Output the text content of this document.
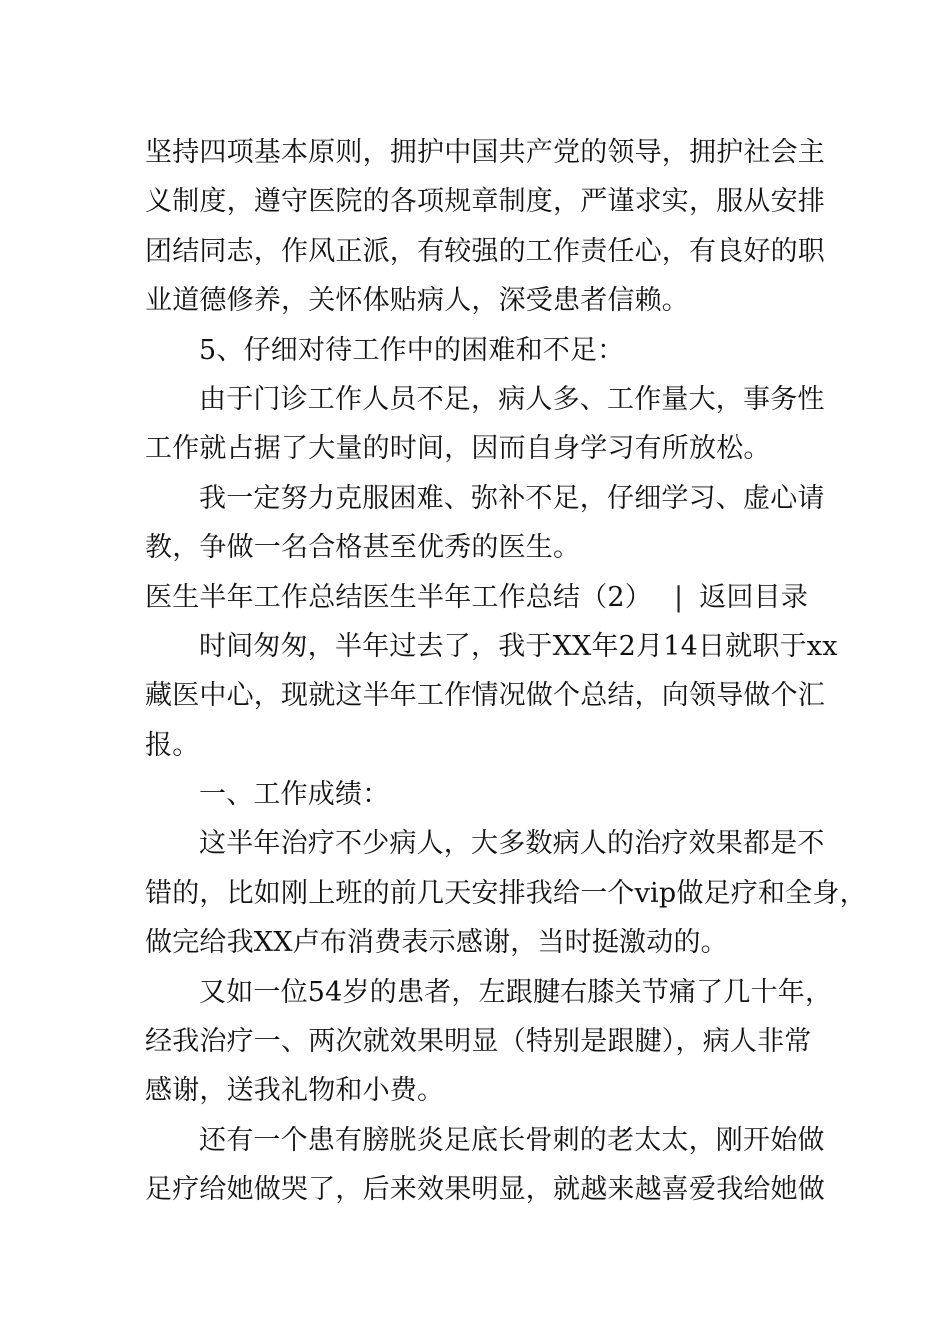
坚持四项基本原则，拥护中国共产党的领导，拥护社会主
义制度，遵守医院的各项规章制度，严谨求实，服从安排
团结同志，作风正派，有较强的工作责任心，有良好的职
业道德修养，关怀体贴病人，深受患者信赖。
5、仔细对待工作中的困难和不足：
由于门诊工作人员不足，病人多、工作量大，事务性
工作就占据了大量的时间，因而自身学习有所放松。
我一定努力克服困难、弥补不足，仔细学习、虚心请
教，争做一名合格甚至优秀的医生。
医生半年工作总结医生半年工作总结（2） | 返回目录
时间匆匆，半年过去了，我于XX年2月14日就职于xx
藏医中心，现就这半年工作情况做个总结，向领导做个汇
报。
一、工作成绩：
这半年治疗不少病人，大多数病人的治疗效果都是不
错的，比如刚上班的前几天安排我给一个vip做足疗和全身，
做完给我XX卢布消费表示感谢，当时挺激动的。
又如一位54岁的患者，左跟腱右膝关节痛了几十年，
经我治疗一、两次就效果明显（特别是跟腱），病人非常
感谢，送我礼物和小费。
还有一个患有膀胱炎足底长骨刺的老太太，刚开始做
足疗给她做哭了，后来效果明显，就越来越喜爱我给她做
